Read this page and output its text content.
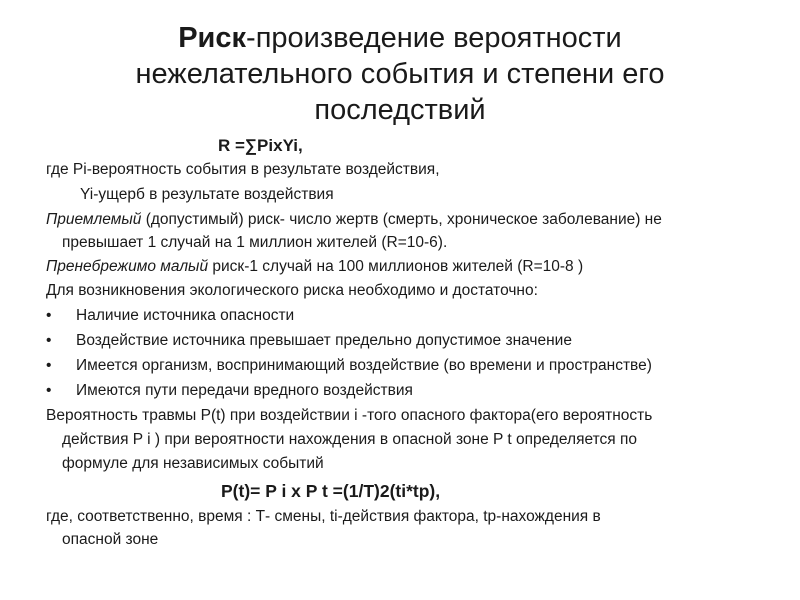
Риск-произведение вероятности
нежелательного события и степени его
последствий
R =∑PixYi,
где Pi-вероятность события в результате воздействия,
Yi-ущерб в результате воздействия
Приемлемый (допустимый) риск- число жертв (смерть, хроническое заболевание) не
превышает 1 случай на 1 миллион жителей (R=10-6).
Пренебрежимо малый риск-1 случай на 100 миллионов жителей (R=10-8 )
Для возникновения экологического риска необходимо и достаточно:
• Наличие источника опасности
• Воздействие источника превышает предельно допустимое значение
• Имеется организм, воспринимающий воздействие (во времени и пространстве)
• Имеются пути передачи вредного воздействия
Вероятность травмы P(t) при воздействии i -того опасного фактора(его вероятность
действия P i ) при вероятности нахождения в опасной зоне P t определяется по
формуле для независимых событий
P(t)= P i x P t =(1/T)2(ti*tp),
где, соответственно, время : Т- смены, ti-действия фактора, tp-нахождения в
опасной зоне
